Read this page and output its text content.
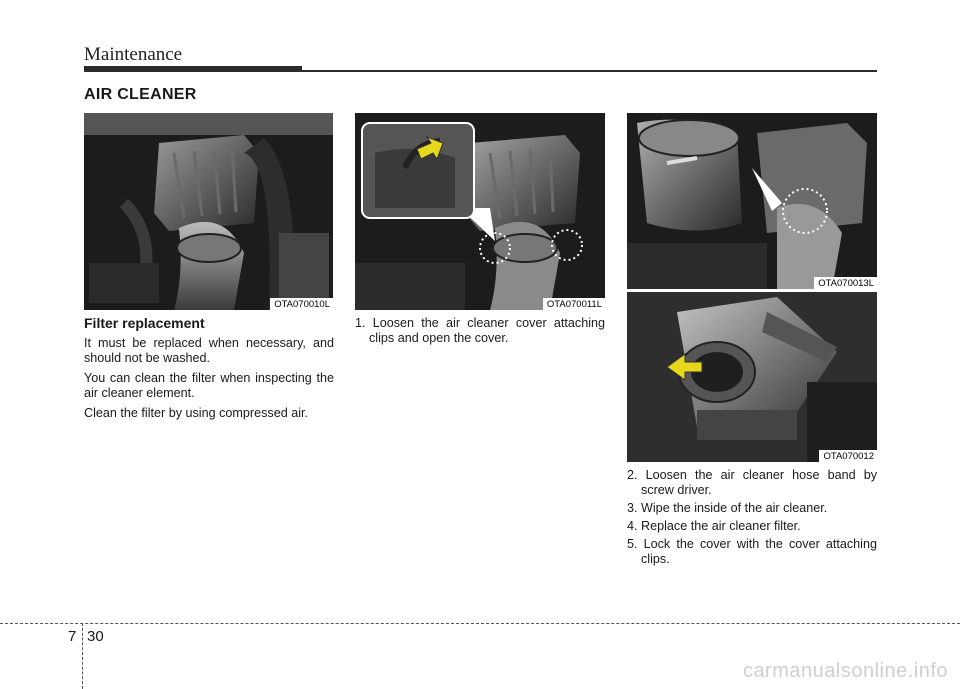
Maintenance
AIR CLEANER
OTA070010L	OTA070011L
OTA070013L
OTA070012

Filter replacement

It must be replaced when necessary, and should not be washed.

You can clean the filter when inspecting the air cleaner element.

Clean the filter by using compressed air.

1. Loosen the air cleaner cover attaching clips and open the cover.
2. Loosen the air cleaner hose band by screw driver.
3. Wipe the inside of the air cleaner.
4. Replace the air cleaner filter.
5. Lock the cover with the cover attaching clips.
7 30
carmanualsonline.info
